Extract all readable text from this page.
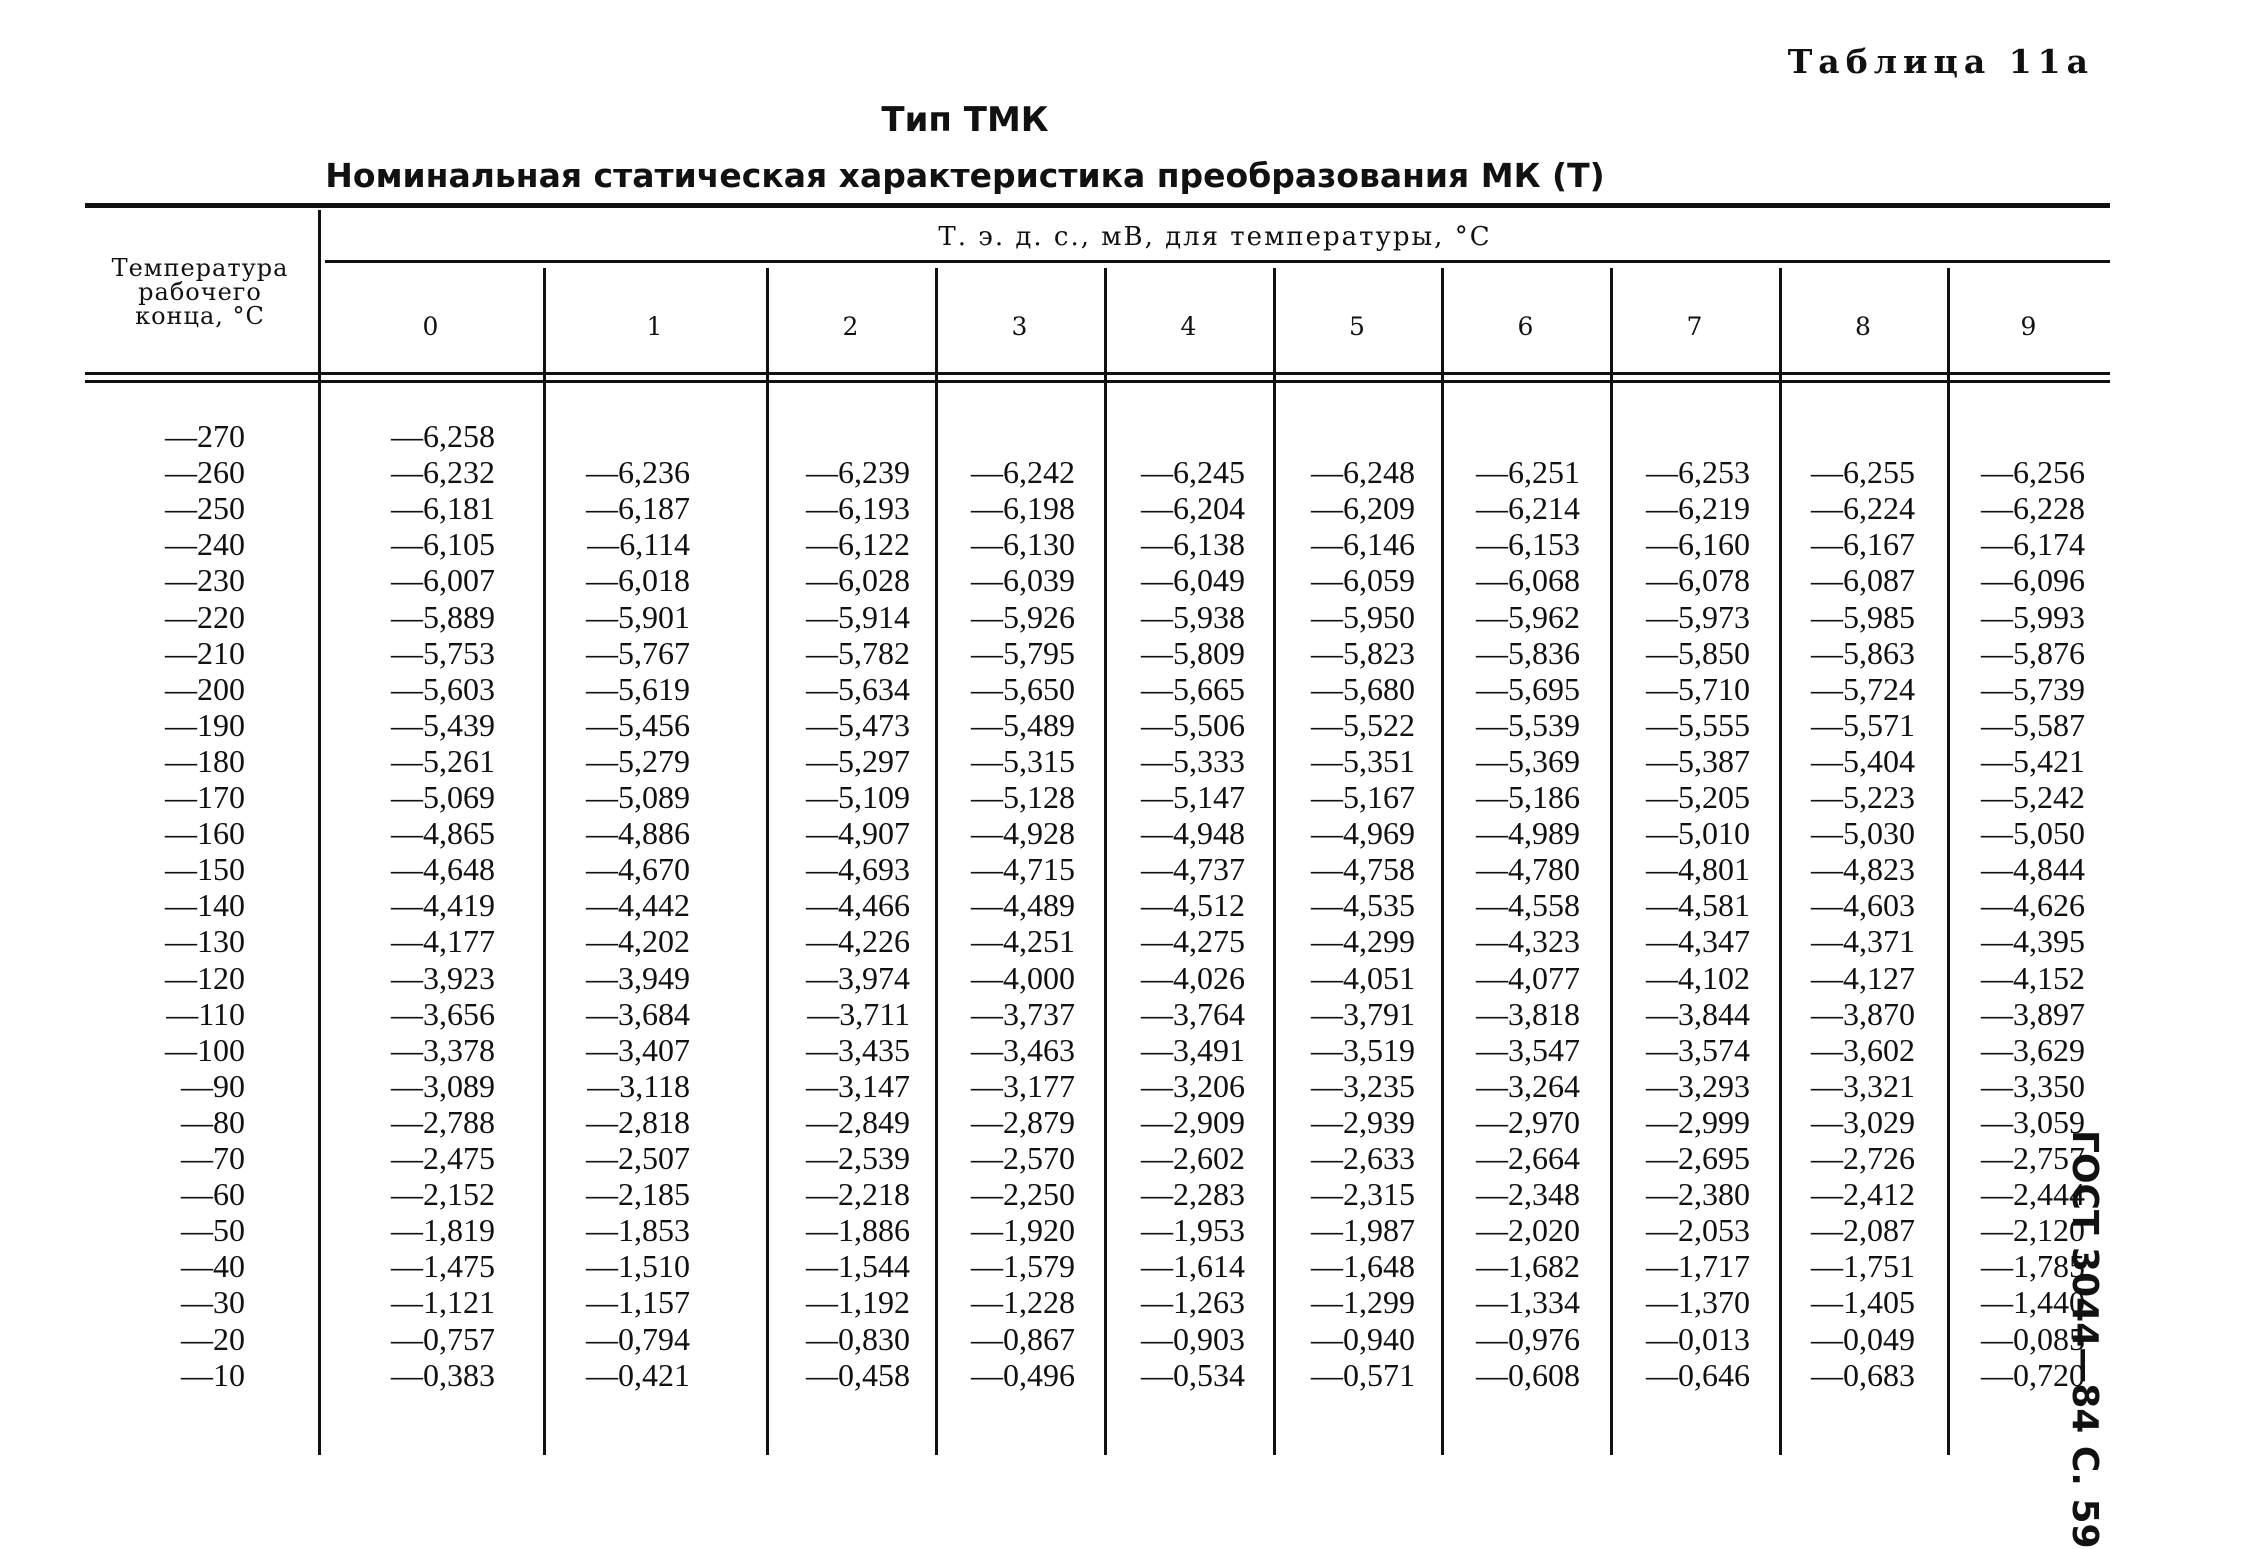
Таблица 11а
Тип ТМК
Номинальная статическая характеристика преобразования МК (Т)
ГОСТ 3044—84 С. 59
Т. э. д. с., мВ, для температуры, °С
Температура
рабочего
конца, °С	0	1	2	3	4	5	6	7	8	9
—270	—6,258
—260	—6,232	—6,236	—6,239	—6,242	—6,245	—6,248	—6,251	—6,253	—6,255	—6,256
—250	—6,181	—6,187	—6,193	—6,198	—6,204	—6,209	—6,214	—6,219	—6,224	—6,228
—240	—6,105	—6,114	—6,122	—6,130	—6,138	—6,146	—6,153	—6,160	—6,167	—6,174
—230	—6,007	—6,018	—6,028	—6,039	—6,049	—6,059	—6,068	—6,078	—6,087	—6,096
—220	—5,889	—5,901	—5,914	—5,926	—5,938	—5,950	—5,962	—5,973	—5,985	—5,993
—210	—5,753	—5,767	—5,782	—5,795	—5,809	—5,823	—5,836	—5,850	—5,863	—5,876
—200	—5,603	—5,619	—5,634	—5,650	—5,665	—5,680	—5,695	—5,710	—5,724	—5,739
—190	—5,439	—5,456	—5,473	—5,489	—5,506	—5,522	—5,539	—5,555	—5,571	—5,587
—180	—5,261	—5,279	—5,297	—5,315	—5,333	—5,351	—5,369	—5,387	—5,404	—5,421
—170	—5,069	—5,089	—5,109	—5,128	—5,147	—5,167	—5,186	—5,205	—5,223	—5,242
—160	—4,865	—4,886	—4,907	—4,928	—4,948	—4,969	—4,989	—5,010	—5,030	—5,050
—150	—4,648	—4,670	—4,693	—4,715	—4,737	—4,758	—4,780	—4,801	—4,823	—4,844
—140	—4,419	—4,442	—4,466	—4,489	—4,512	—4,535	—4,558	—4,581	—4,603	—4,626
—130	—4,177	—4,202	—4,226	—4,251	—4,275	—4,299	—4,323	—4,347	—4,371	—4,395
—120	—3,923	—3,949	—3,974	—4,000	—4,026	—4,051	—4,077	—4,102	—4,127	—4,152
—110	—3,656	—3,684	—3,711	—3,737	—3,764	—3,791	—3,818	—3,844	—3,870	—3,897
—100	—3,378	—3,407	—3,435	—3,463	—3,491	—3,519	—3,547	—3,574	—3,602	—3,629
—90	—3,089	—3,118	—3,147	—3,177	—3,206	—3,235	—3,264	—3,293	—3,321	—3,350
—80	—2,788	—2,818	—2,849	—2,879	—2,909	—2,939	—2,970	—2,999	—3,029	—3,059
—70	—2,475	—2,507	—2,539	—2,570	—2,602	—2,633	—2,664	—2,695	—2,726	—2,757
—60	—2,152	—2,185	—2,218	—2,250	—2,283	—2,315	—2,348	—2,380	—2,412	—2,444
—50	—1,819	—1,853	—1,886	—1,920	—1,953	—1,987	—2,020	—2,053	—2,087	—2,120
—40	—1,475	—1,510	—1,544	—1,579	—1,614	—1,648	—1,682	—1,717	—1,751	—1,785
—30	—1,121	—1,157	—1,192	—1,228	—1,263	—1,299	—1,334	—1,370	—1,405	—1,440
—20	—0,757	—0,794	—0,830	—0,867	—0,903	—0,940	—0,976	—0,013	—0,049	—0,085
—10	—0,383	—0,421	—0,458	—0,496	—0,534	—0,571	—0,608	—0,646	—0,683	—0,720
